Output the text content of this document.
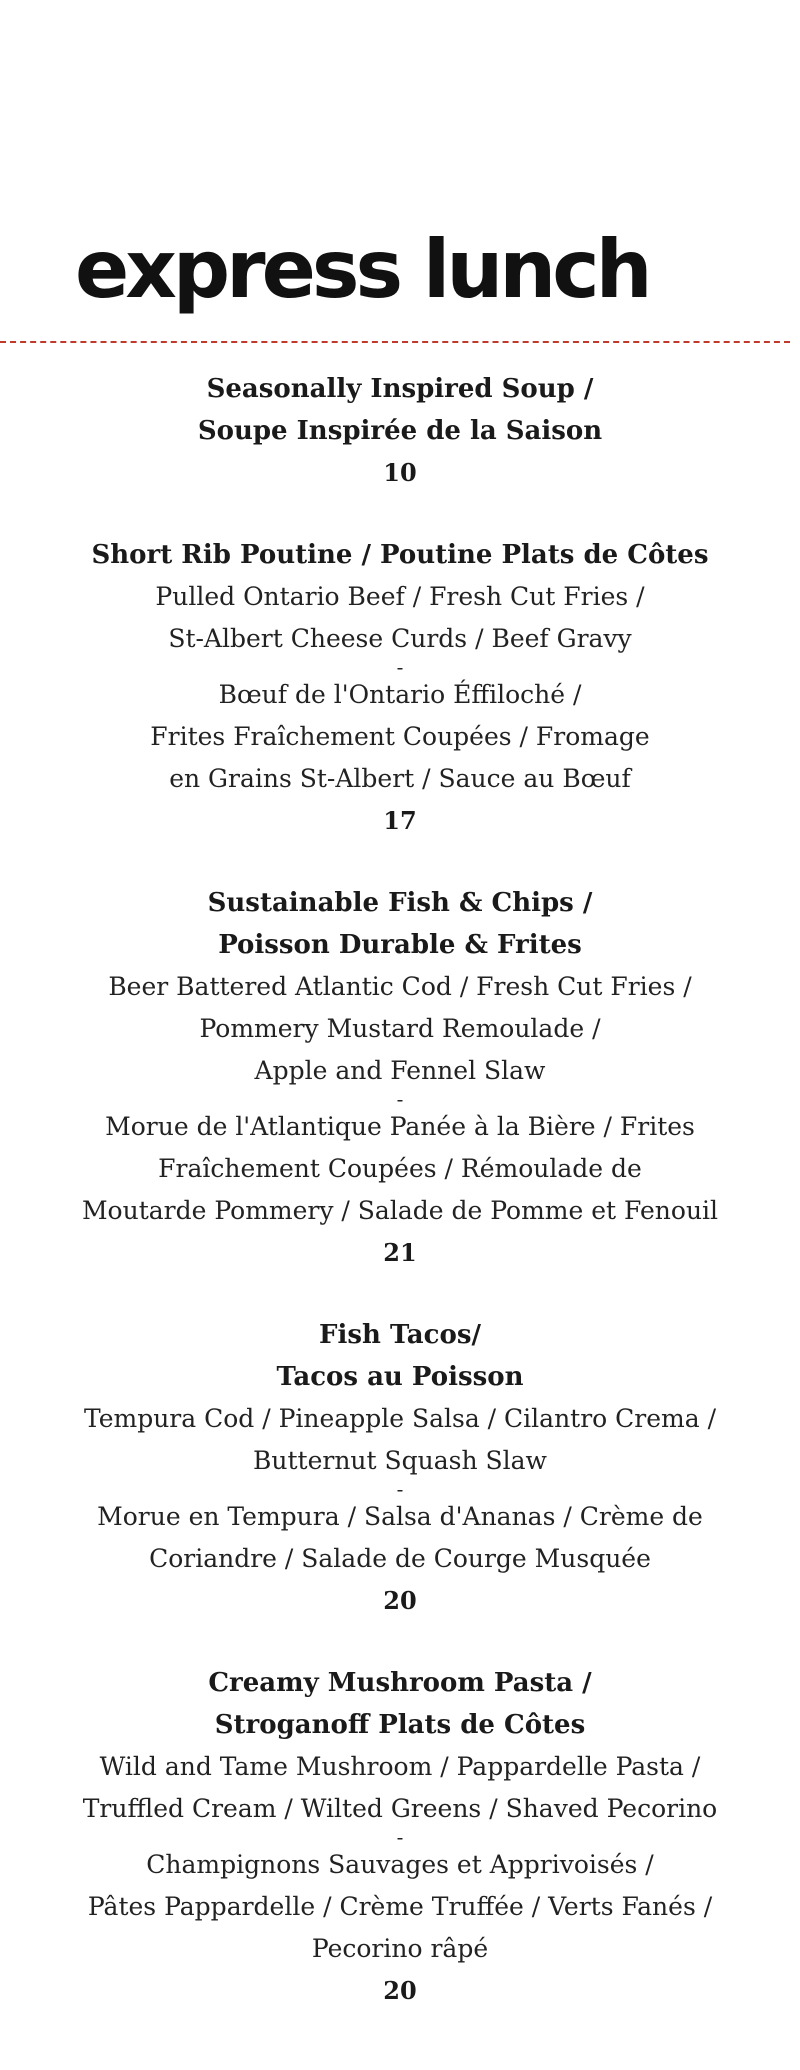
express lunch
Seasonally Inspired Soup /
Soupe Inspirée de la Saison
10
Short Rib Poutine / Poutine Plats de Côtes
Pulled Ontario Beef / Fresh Cut Fries /
St-Albert Cheese Curds / Beef Gravy
-
Bœuf de l'Ontario Éffiloché /
Frites Fraîchement Coupées / Fromage
en Grains St-Albert / Sauce au Bœuf
17
Sustainable Fish & Chips /
Poisson Durable & Frites
Beer Battered Atlantic Cod / Fresh Cut Fries /
Pommery Mustard Remoulade /
Apple and Fennel Slaw
-
Morue de l'Atlantique Panée à la Bière / Frites
Fraîchement Coupées / Rémoulade de
Moutarde Pommery / Salade de Pomme et Fenouil
21
Fish Tacos/
Tacos au Poisson
Tempura Cod / Pineapple Salsa / Cilantro Crema /
Butternut Squash Slaw
-
Morue en Tempura / Salsa d'Ananas / Crème de
Coriandre / Salade de Courge Musquée
20
Creamy Mushroom Pasta /
Stroganoff Plats de Côtes
Wild and Tame Mushroom / Pappardelle Pasta /
Truffled Cream / Wilted Greens / Shaved Pecorino
-
Champignons Sauvages et Apprivoisés /
Pâtes Pappardelle / Crème Truffée / Verts Fanés /
Pecorino râpé
20
